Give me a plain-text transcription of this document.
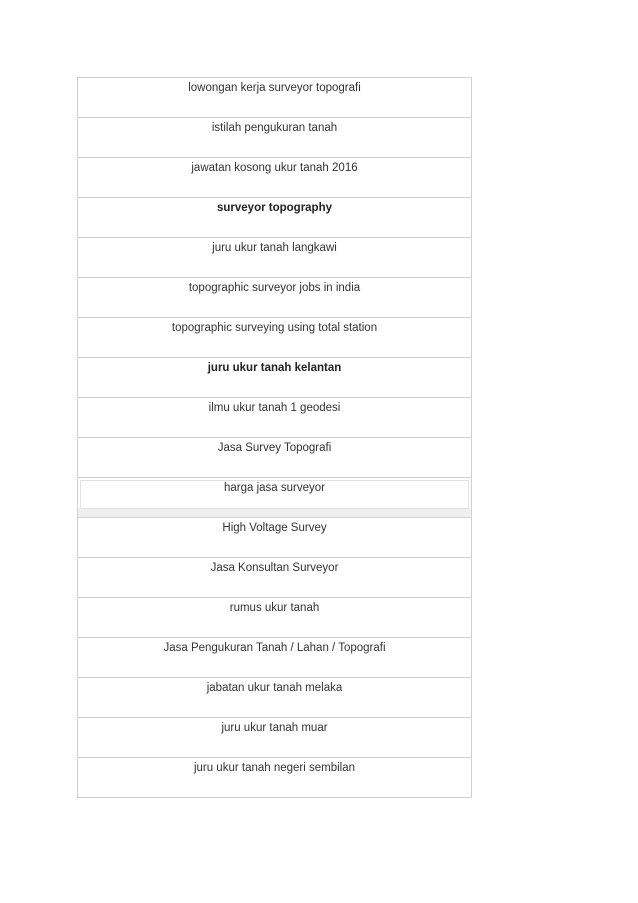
lowongan kerja surveyor topografi
istilah pengukuran tanah
jawatan kosong ukur tanah 2016
surveyor topography
juru ukur tanah langkawi
topographic surveyor jobs in india
topographic surveying using total station
juru ukur tanah kelantan
ilmu ukur tanah 1 geodesi
Jasa Survey Topografi
harga jasa surveyor
High Voltage Survey
Jasa Konsultan Surveyor
rumus ukur tanah
Jasa Pengukuran Tanah / Lahan / Topografi
jabatan ukur tanah melaka
juru ukur tanah muar
juru ukur tanah negeri sembilan
